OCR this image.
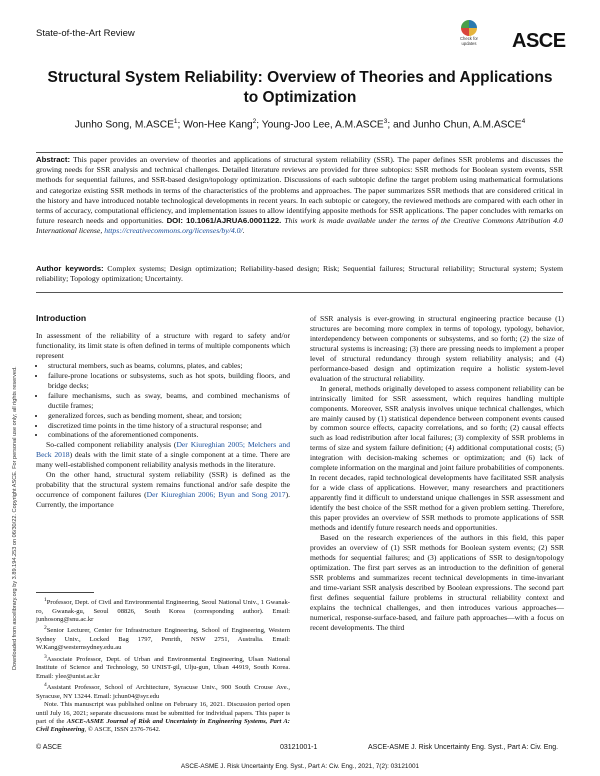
Downloaded from ascelibrary.org by 3.89.194.253 on 06/30/22. Copyright ASCE. For personal use only; all rights reserved.
State-of-the-Art Review	Check for updates ASCE
Structural System Reliability: Overview of Theories and Applications to Optimization
Junho Song, M.ASCE$^1$; Won-Hee Kang$^2$; Young-Joo Lee, A.M.ASCE$^3$; and Junho Chun, A.M.ASCE$^4$
Abstract: This paper provides an overview of theories and applications of structural system reliability (SSR). The paper defines SSR problems and discusses the growing needs for SSR analysis and technical challenges. Detailed literature reviews are provided for three subtopics: SSR methods for Boolean system events, SSR methods for sequential failures, and SSR-based design/topology optimization. Discussions of each subtopic define the target problem using mathematical formulations and categorize existing SSR methods in terms of the characteristics of the problems and approaches. The paper summarizes SSR methods that are considered critical in the history and have introduced notable technological developments in recent years. In each subtopic or category, the reviewed methods are compared with each other in terms of accuracy, computational efficiency, and implementation issues to allow identifying apposite methods for SSR applications. The paper concludes with remarks on future research needs and opportunities. DOI: 10.1061/AJRUA6.0001122. This work is made available under the terms of the Creative Commons Attribution 4.0 International license, https://creativecommons.org/licenses/by/4.0/.
Author keywords: Complex systems; Design optimization; Reliability-based design; Risk; Sequential failures; Structural reliability; Structural system; System reliability; Topology optimization; Uncertainty.
Introduction

In assessment of the reliability of a structure with regard to safety and/or functionality, its limit state is often defined in terms of multiple components which represent

• structural members, such as beams, columns, plates, and cables;
• failure-prone locations or subsystems, such as hot spots, building floors, and bridge decks;
• failure mechanisms, such as sway, beams, and combined mechanisms of ductile frames;
• generalized forces, such as bending moment, shear, and torsion;
• discretized time points in the time history of a structural response; and
• combinations of the aforementioned components.

So-called component reliability analysis (Der Kiureghian 2005; Melchers and Beck 2018) deals with the limit state of a single component at a time. There are many well-established component reliability analysis methods in the literature.

On the other hand, structural system reliability (SSR) is defined as the probability that the structural system remains functional and/or safe despite the occurrence of component failures (Der Kiureghian 2006; Byun and Song 2017). Currently, the importance

$^1$Professor, Dept. of Civil and Environmental Engineering, Seoul National Univ., 1 Gwanak-ro, Gwanak-gu, Seoul 08826, South Korea (corresponding author). Email: junhosong@snu.ac.kr

$^2$Senior Lecturer, Center for Infrastructure Engineering, School of Engineering, Western Sydney Univ., Locked Bag 1797, Penrith, NSW 2751, Australia. Email: W.Kang@westernsydney.edu.au

$^3$Associate Professor, Dept. of Urban and Environmental Engineering, Ulsan National Institute of Science and Technology, 50 UNIST-gil, Ulju-gun, Ulsan 44919, South Korea. Email: ylee@unist.ac.kr

$^4$Assistant Professor, School of Architecture, Syracuse Univ., 900 South Crouse Ave., Syracuse, NY 13244. Email: jchun04@syr.edu

Note. This manuscript was published online on February 16, 2021. Discussion period open until July 16, 2021; separate discussions must be submitted for individual papers. This paper is part of the ASCE-ASME Journal of Risk and Uncertainty in Engineering Systems, Part A: Civil Engineering, © ASCE, ISSN 2376-7642.

of SSR analysis is ever-growing in structural engineering practice because (1) structures are becoming more complex in terms of topology, typology, behavior, interdependency between components or subsystems, and so forth; (2) the size of structural systems is increasing; (3) there are pressing needs to implement a proper level of structural redundancy through system reliability analysis; and (4) performance-based design and optimization require a holistic system-level evaluation of the structural reliability.

In general, methods originally developed to assess component reliability can be intrinsically limited for SSR assessment, which requires handling multiple components. Moreover, SSR analysis involves unique technical challenges, which are mainly caused by (1) statistical dependence between component events caused by common source effects, capacity correlations, and so forth; (2) causal effects such as load redistribution after local failures; (3) complexity of SSR problems in terms of size and system failure definition; (4) additional computational costs; (5) integration with decision-making schemes or optimization; and (6) lack of complete information on the marginal and joint failure probabilities of components. In recent decades, rapid technological developments have facilitated SSR analysis for a wide class of applications. However, many researchers and practitioners apparently find it difficult to understand unique challenges in SSR assessment and identify the best choice of the SSR method for a given problem setting. Therefore, this paper provides an overview of SSR methods to promote applications of SSR methods and identify future research needs and opportunities.

Based on the research experiences of the authors in this field, this paper provides an overview of (1) SSR methods for Boolean system events; (2) SSR methods for sequential failures; and (3) applications of SSR to design/topology optimization. The first part serves as an introduction to the definition of general SSR problems and summarizes recent technical developments in time-invariant and time-variant SSR analysis described by Boolean expressions. The second part first defines sequential failure problems in structural reliability context and explains the technical challenges, and then introduces various approaches—numerical, response-surface-based, and failure path approaches—with a focus on recent developments. The third

© ASCE	03121001-1	ASCE-ASME J. Risk Uncertainty Eng. Syst., Part A: Civ. Eng.
ASCE-ASME J. Risk Uncertainty Eng. Syst., Part A: Civ. Eng., 2021, 7(2): 03121001
